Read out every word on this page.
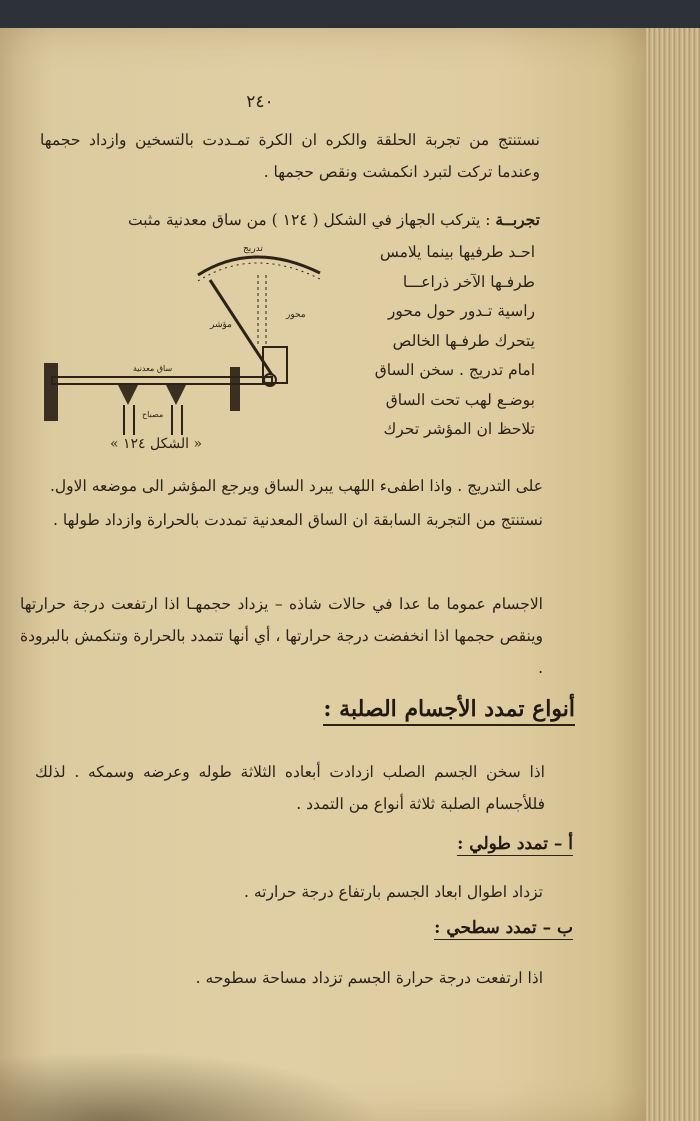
٢٤٠
نستنتج من تجربة الحلقة والكره ان الكرة تمـددت بالتسخين وازداد حجمها وعندما تركت لتبرد انكمشت ونقص حجمها .
تجربــة : يتركب الجهاز في الشكل ( ١٢٤ ) من ساق معدنية مثبت
احـد طرفيها بينما يلامس
طرفـها الآخر ذراعـــا
راسية تـدور حول محور
يتحرك طرفـها الخالص
امام تدريج . سخن الساق
بوضـع لهب تحت الساق
تلاحظ ان المؤشر تحرك
تدريج
مؤشر
محور
ساق معدنية
مصباح
« الشكل ١٢٤ »
على التدريج . واذا اطفىء اللهب يبرد الساق ويرجع المؤشر الى موضعه الاول.
نستنتج من التجربة السابقة ان الساق المعدنية تمددت بالحرارة وازداد طولها .
الاجسام عموما ما عدا في حالات شاذه – يزداد حجمهـا اذا ارتفعت درجة حرارتها وينقص حجمها اذا انخفضت درجة حرارتها ، أي أنها تتمدد بالحرارة وتنكمش بالبرودة .
أنواع تمدد الأجسام الصلبة :
اذا سخن الجسم الصلب ازدادت أبعاده الثلاثة طوله وعرضه وسمكه . لذلك فللأجسام الصلبة ثلاثة أنواع من التمدد .
أ – تمدد طولي :
تزداد اطوال ابعاد الجسم بارتفاع درجة حرارته .
ب – تمدد سطحي :
اذا ارتفعت درجة حرارة الجسم تزداد مساحة سطوحه .
